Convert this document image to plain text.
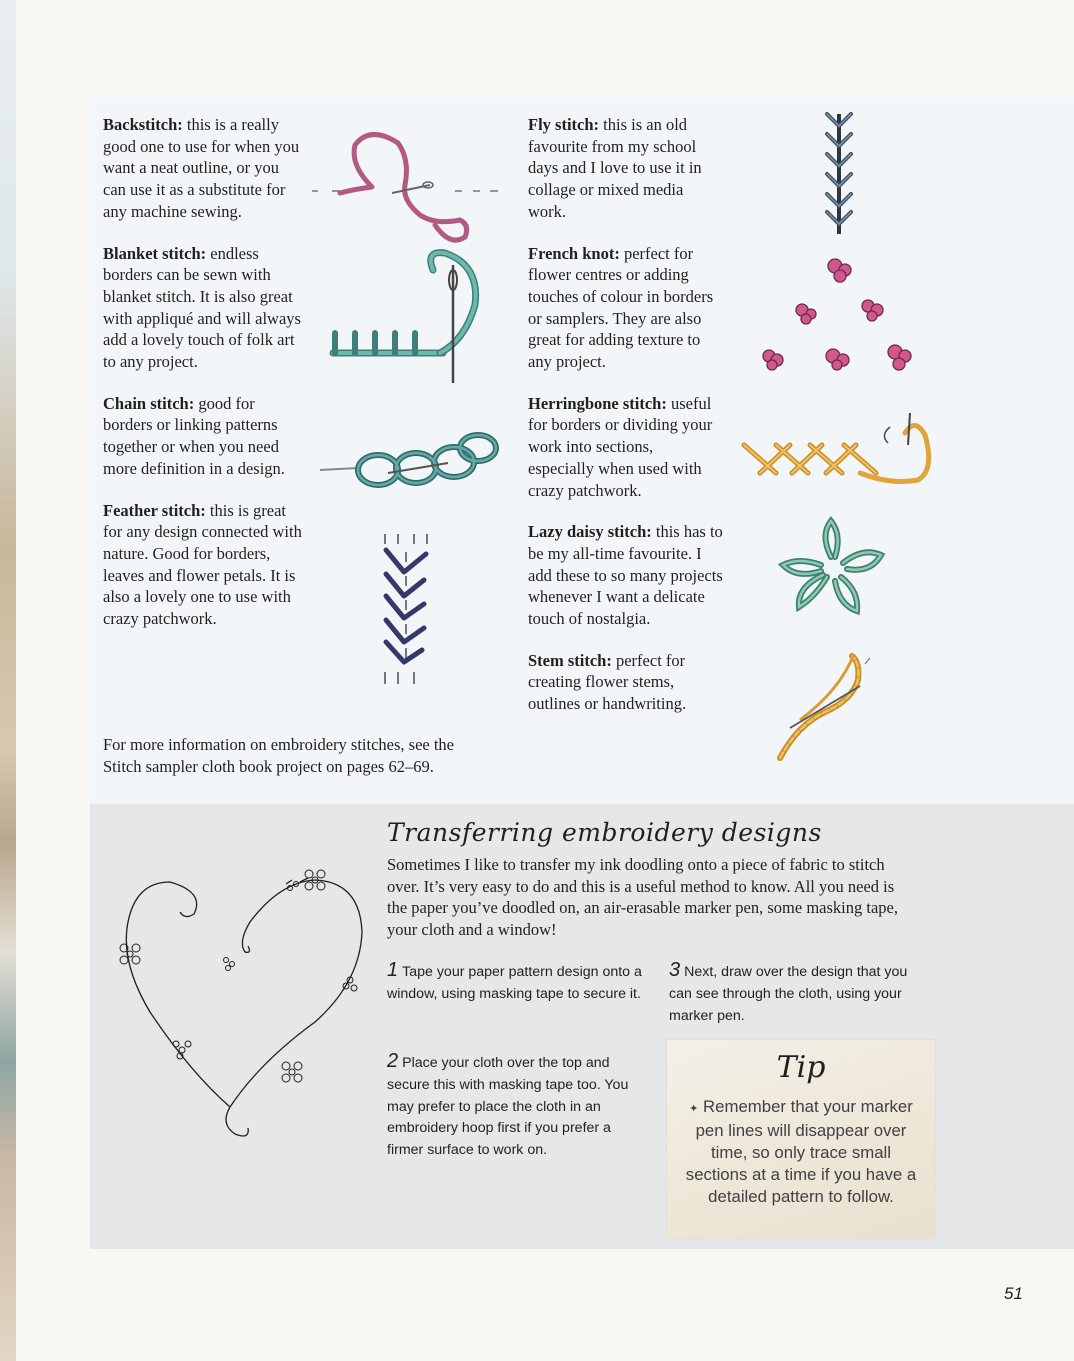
Backstitch: this is a really good one to use for when you want a neat outline, or you can use it as a substitute for any machine sewing.

Blanket stitch: endless borders can be sewn with blanket stitch. It is also great with appliqué and will always add a lovely touch of folk art to any project.

Chain stitch: good for borders or linking patterns together or when you need more definition in a design.

Feather stitch: this is great for any design connected with nature. Good for borders, leaves and flower petals. It is also a lovely one to use with crazy patchwork.

Fly stitch: this is an old favourite from my school days and I love to use it in collage or mixed media work.

French knot: perfect for flower centres or adding touches of colour in borders or samplers. They are also great for adding texture to any project.

Herringbone stitch: useful for borders or dividing your work into sections, especially when used with crazy patchwork.

Lazy daisy stitch: this has to be my all-time favourite. I add these to so many projects whenever I want a delicate touch of nostalgia.

Stem stitch: perfect for creating flower stems, outlines or handwriting.

For more information on embroidery stitches, see the Stitch sampler cloth book project on pages 62–69.

Transferring embroidery designs

Sometimes I like to transfer my ink doodling onto a piece of fabric to stitch over. It’s very easy to do and this is a useful method to know. All you need is the paper you’ve doodled on, an air-erasable marker pen, some masking tape, your cloth and a window!

1 Tape your paper pattern design onto a window, using masking tape to secure it.

2 Place your cloth over the top and secure this with masking tape too. You may prefer to place the cloth in an embroidery hoop first if you prefer a firmer surface to work on.

3 Next, draw over the design that you can see through the cloth, using your marker pen.

Tip

✦ Remember that your marker pen lines will disappear over time, so only trace small sections at a time if you have a detailed pattern to follow.

51
